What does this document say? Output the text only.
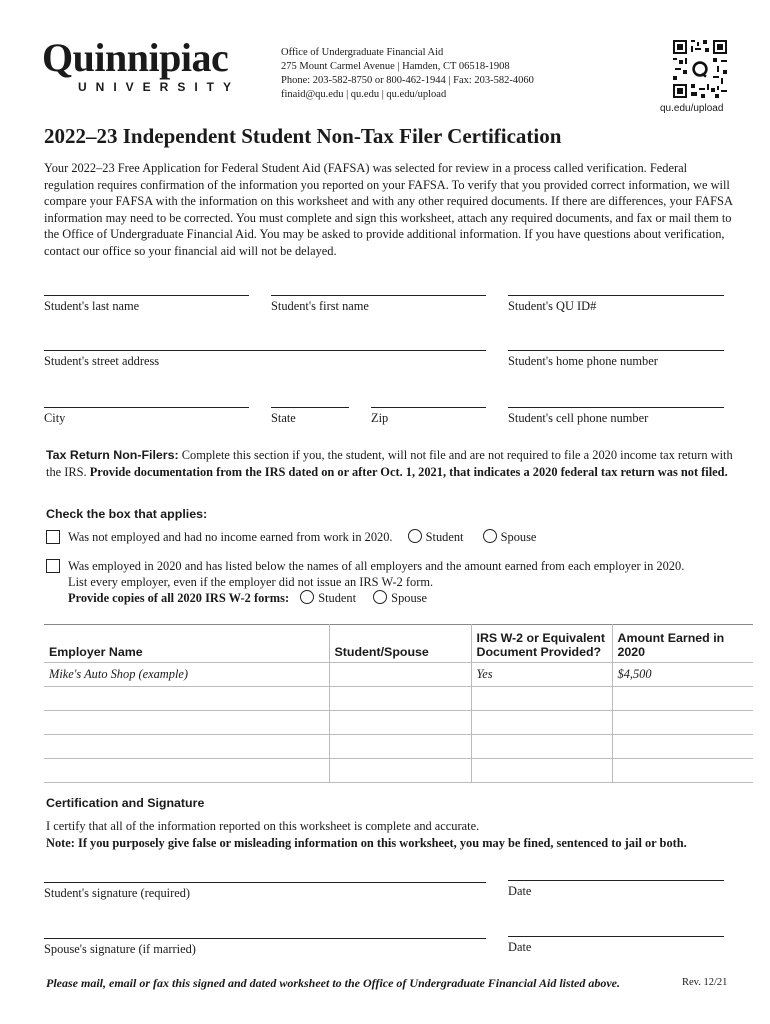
Quinnipiac
UNIVERSITY
Office of Undergraduate Financial Aid
275 Mount Carmel Avenue | Hamden, CT 06518-1908
Phone: 203-582-8750 or 800-462-1944 | Fax: 203-582-4060
finaid@qu.edu | qu.edu | qu.edu/upload
qu.edu/upload
2022–23 Independent Student Non-Tax Filer Certification
Your 2022–23 Free Application for Federal Student Aid (FAFSA) was selected for review in a process called verification. Federal regulation requires confirmation of the information you reported on your FAFSA. To verify that you provided correct information, we will compare your FAFSA with the information on this worksheet and with any other required documents. If there are differences, your FAFSA information may need to be corrected. You must complete and sign this worksheet, attach any required documents, and fax or mail them to the Office of Undergraduate Financial Aid. You may be asked to provide additional information. If you have questions about verification, contact our office so your financial aid will not be delayed.
Student's last name	Student's first name	Student's QU ID#
Student's street address	Student's home phone number
City	State	Zip	Student's cell phone number
Tax Return Non-Filers: Complete this section if you, the student, will not file and are not required to file a 2020 income tax return with the IRS. Provide documentation from the IRS dated on or after Oct. 1, 2021, that indicates a 2020 federal tax return was not filed.
Check the box that applies:
Was not employed and had no income earned from work in 2020.	Student	Spouse
Was employed in 2020 and has listed below the names of all employers and the amount earned from each employer in 2020.
List every employer, even if the employer did not issue an IRS W-2 form.
Provide copies of all 2020 IRS W-2 forms: Student	Spouse
Employer Name	Student/Spouse	IRS W-2 or Equivalent Document Provided?	Amount Earned in 2020
Mike's Auto Shop (example)		Yes	$4,500

Certification and Signature
I certify that all of the information reported on this worksheet is complete and accurate.
Note: If you purposely give false or misleading information on this worksheet, you may be fined, sentenced to jail or both.
Student's signature (required)	Date
Spouse's signature (if married)	Date
Please mail, email or fax this signed and dated worksheet to the Office of Undergraduate Financial Aid listed above.	Rev. 12/21
